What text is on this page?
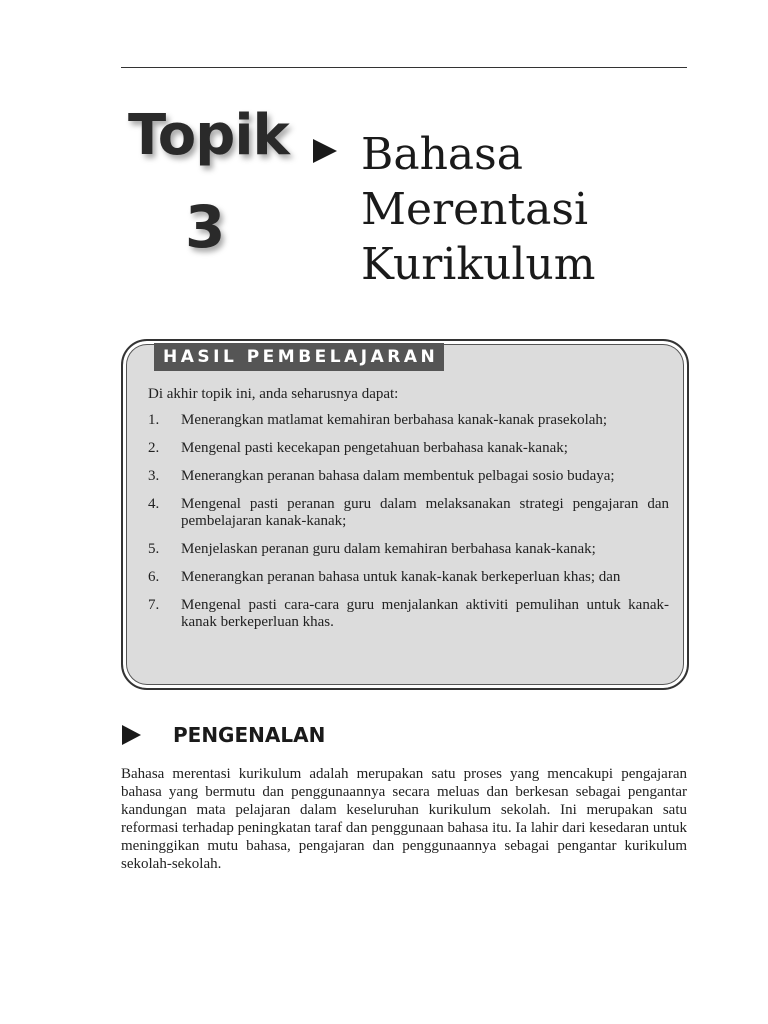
Topik
3
Bahasa
Merentasi
Kurikulum
HASIL PEMBELAJARAN
Di akhir topik ini, anda seharusnya dapat:
1.	Menerangkan matlamat kemahiran berbahasa kanak-kanak prasekolah;
2.	Mengenal pasti kecekapan pengetahuan berbahasa kanak-kanak;
3.	Menerangkan peranan bahasa dalam membentuk pelbagai sosio budaya;
4.	Mengenal pasti peranan guru dalam melaksanakan strategi pengajaran dan pembelajaran kanak-kanak;
5.	Menjelaskan peranan guru dalam kemahiran berbahasa kanak-kanak;
6.	Menerangkan peranan bahasa untuk kanak-kanak berkeperluan khas; dan
7.	Mengenal pasti cara-cara guru menjalankan aktiviti pemulihan untuk kanak-kanak berkeperluan khas.
PENGENALAN

Bahasa merentasi kurikulum adalah merupakan satu proses yang mencakupi pengajaran bahasa yang bermutu dan penggunaannya secara meluas dan berkesan sebagai pengantar kandungan mata pelajaran dalam keseluruhan kurikulum sekolah. Ini merupakan satu reformasi terhadap peningkatan taraf dan penggunaan bahasa itu. Ia lahir dari kesedaran untuk meninggikan mutu bahasa, pengajaran dan penggunaannya sebagai pengantar kurikulum sekolah-sekolah.
